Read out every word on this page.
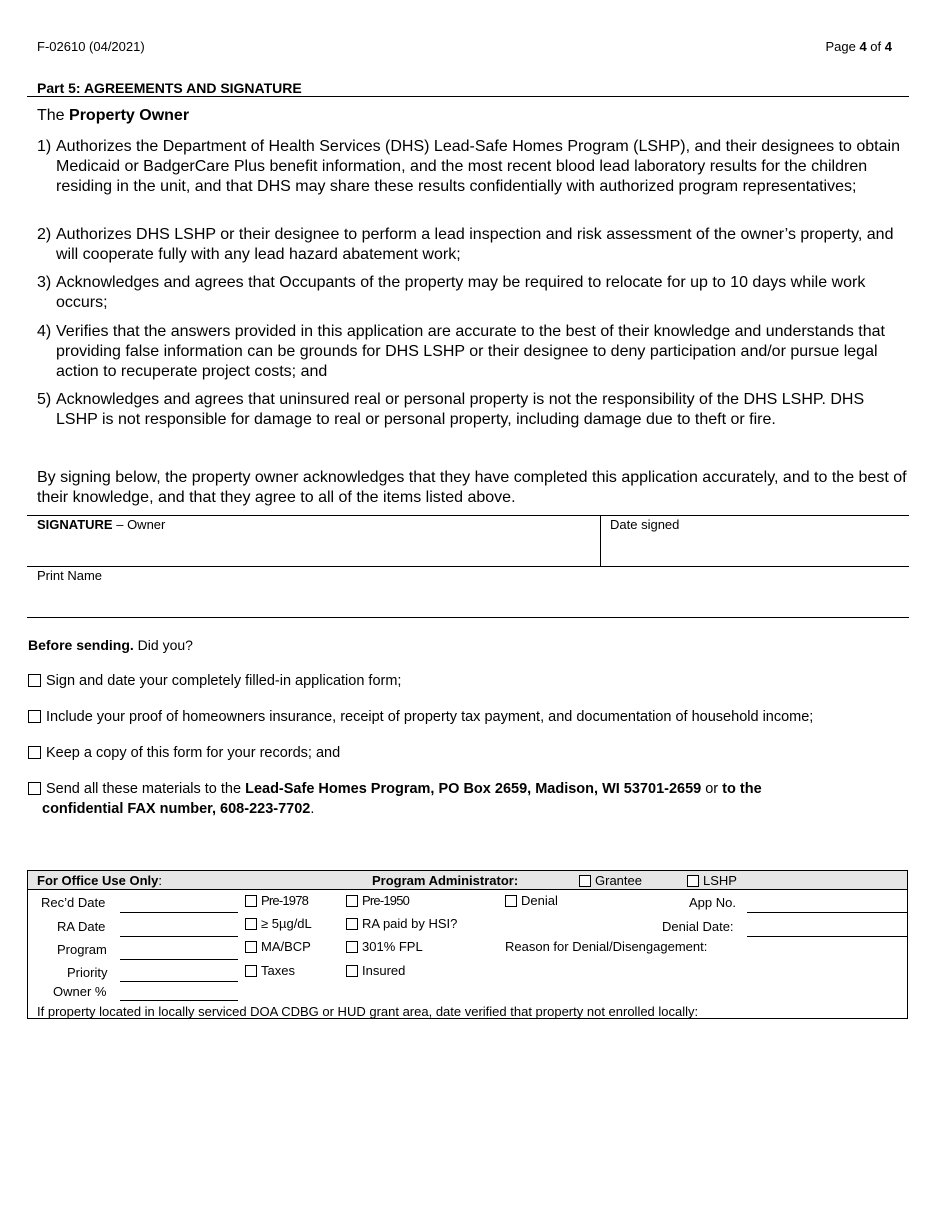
F-02610 (04/2021)	Page 4 of 4
Part 5: AGREEMENTS AND SIGNATURE
The Property Owner
1) Authorizes the Department of Health Services (DHS) Lead-Safe Homes Program (LSHP), and their designees to obtain Medicaid or BadgerCare Plus benefit information, and the most recent blood lead laboratory results for the children residing in the unit, and that DHS may share these results confidentially with authorized program representatives;
2) Authorizes DHS LSHP or their designee to perform a lead inspection and risk assessment of the owner’s property, and will cooperate fully with any lead hazard abatement work;
3) Acknowledges and agrees that Occupants of the property may be required to relocate for up to 10 days while work occurs;
4) Verifies that the answers provided in this application are accurate to the best of their knowledge and understands that providing false information can be grounds for DHS LSHP or their designee to deny participation and/or pursue legal action to recuperate project costs; and
5) Acknowledges and agrees that uninsured real or personal property is not the responsibility of the DHS LSHP. DHS LSHP is not responsible for damage to real or personal property, including damage due to theft or fire.
By signing below, the property owner acknowledges that they have completed this application accurately, and to the best of their knowledge, and that they agree to all of the items listed above.
SIGNATURE – Owner	Date signed
Print Name
Before sending. Did you?
Sign and date your completely filled-in application form;
Include your proof of homeowners insurance, receipt of property tax payment, and documentation of household income;
Keep a copy of this form for your records; and
Send all these materials to the Lead-Safe Homes Program, PO Box 2659, Madison, WI 53701-2659 or to the
confidential FAX number, 608-223-7702.
For Office Use Only:	Program Administrator:	Grantee	LSHP
Rec’d Date	Pre-1978	Pre-1950	Denial	App No.
RA Date	≥ 5µg/dL	RA paid by HSI?	Denial Date:
Program	MA/BCP	301% FPL	Reason for Denial/Disengagement:
Priority	Taxes	Insured
Owner %
If property located in locally serviced DOA CDBG or HUD grant area, date verified that property not enrolled locally:
